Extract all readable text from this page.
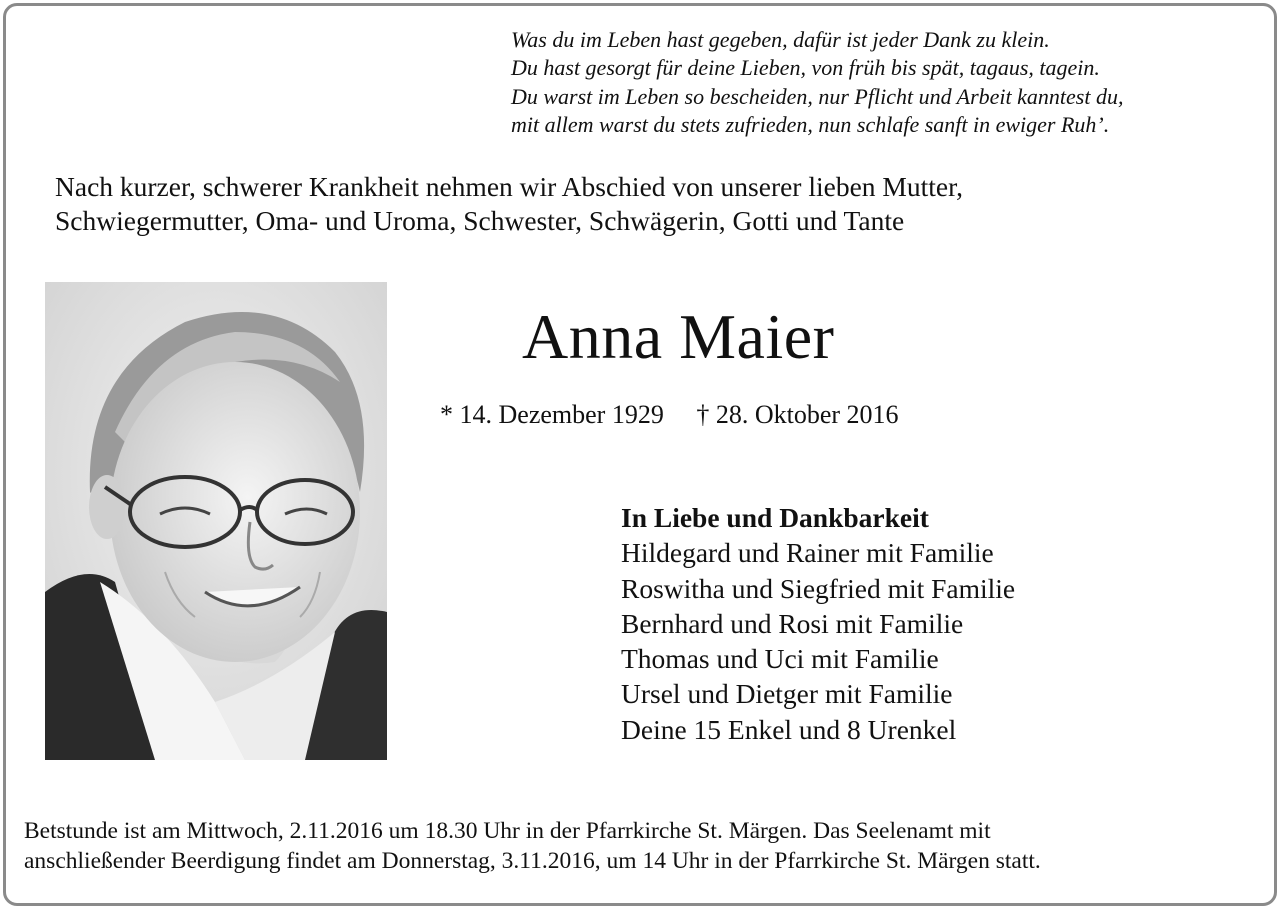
Was du im Leben hast gegeben, dafür ist jeder Dank zu klein.
Du hast gesorgt für deine Lieben, von früh bis spät, tagaus, tagein.
Du warst im Leben so bescheiden, nur Pflicht und Arbeit kanntest du,
mit allem warst du stets zufrieden, nun schlafe sanft in ewiger Ruh’.
Nach kurzer, schwerer Krankheit nehmen wir Abschied von unserer lieben Mutter,
Schwiegermutter, Oma- und Uroma, Schwester, Schwägerin, Gotti und Tante
Anna Maier
* 14. Dezember 1929 † 28. Oktober 2016
In Liebe und Dankbarkeit
Hildegard und Rainer mit Familie
Roswitha und Siegfried mit Familie
Bernhard und Rosi mit Familie
Thomas und Uci mit Familie
Ursel und Dietger mit Familie
Deine 15 Enkel und 8 Urenkel
Betstunde ist am Mittwoch, 2.11.2016 um 18.30 Uhr in der Pfarrkirche St. Märgen. Das Seelenamt mit
anschließender Beerdigung findet am Donnerstag, 3.11.2016, um 14 Uhr in der Pfarrkirche St. Märgen statt.
